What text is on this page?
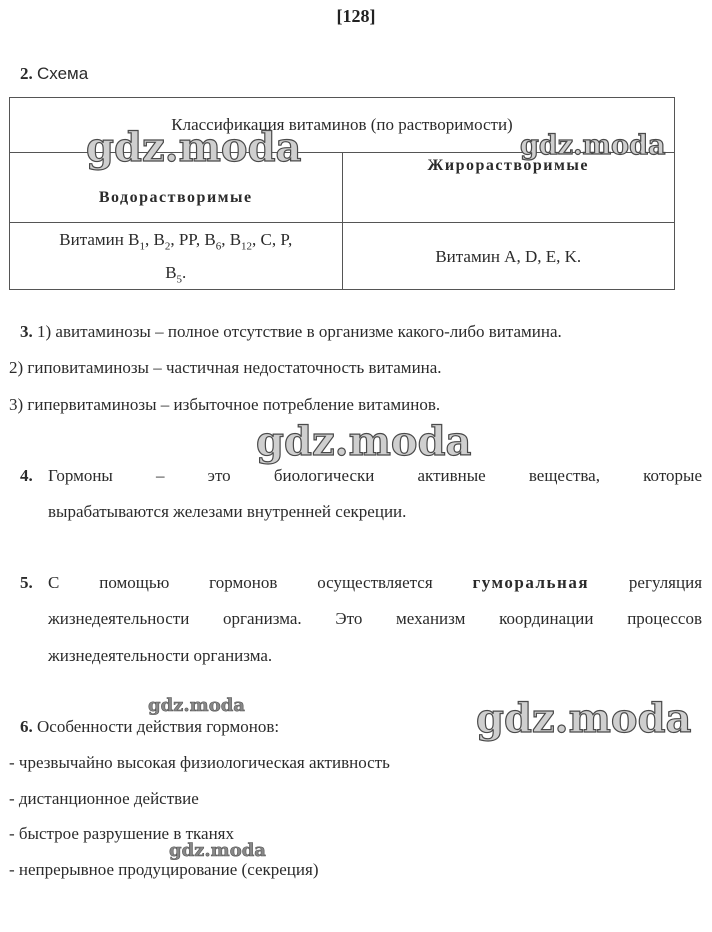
[128]
2. Схема
Классификация витаминов (по растворимости)	
Водорастворимые	Жирорастворимые
Витамин $B_1$, $B_2$, PP, $B_6$, $B_{12}$, C, P,
$B_5$.	Витамин A, D, E, K.
3. 1) авитаминозы – полное отсутствие в организме какого-либо витамина.
2) гиповитаминозы – частичная недостаточность витамина.
3) гипервитаминозы – избыточное потребление витаминов.
4. Гормоны – это биологически активные вещества, которые
вырабатываются железами внутренней секреции.
5. С помощью гормонов осуществляется гуморальная регуляция
жизнедеятельности организма. Это механизм координации процессов
жизнедеятельности организма.
6. Особенности действия гормонов:
- чрезвычайно высокая физиологическая активность
- дистанционное действие
- быстрое разрушение в тканях
- непрерывное продуцирование (секреция)
gdz.moda	gdz.moda
gdz.moda
gdz.moda	gdz.moda
gdz.moda
